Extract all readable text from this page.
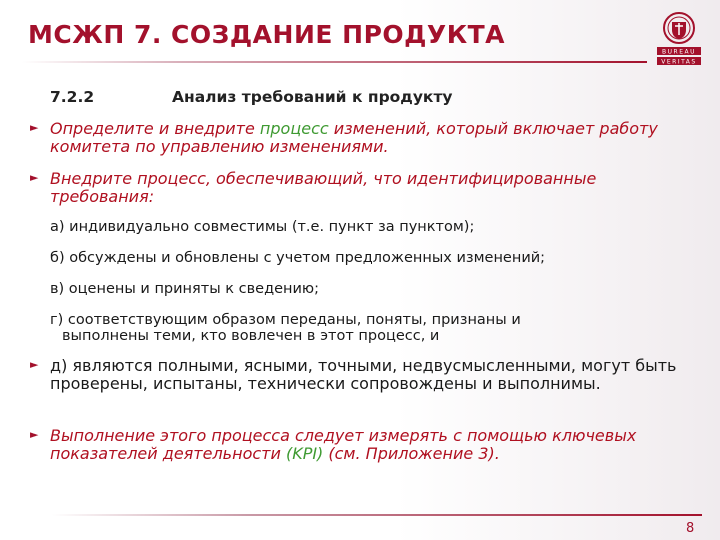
МСЖП 7. СОЗДАНИЕ ПРОДУКТА
BUREAU
VERITAS
7.2.2	Анализ требований к продукту
► Определите и внедрите процесс изменений, который включает работу комитета по управлению изменениями.
► Внедрите процесс, обеспечивающий, что идентифицированные требования:
а) индивидуально совместимы (т.е. пункт за пунктом);
б) обсуждены и обновлены с учетом предложенных изменений;
в) оценены и приняты к сведению;
г) соответствующим образом переданы, поняты, признаны и
выполнены теми, кто вовлечен в этот процесс, и
► д) являются полными, ясными, точными, недвусмысленными, могут быть проверены, испытаны, технически сопровождены и выполнимы.
► Выполнение этого процесса следует измерять с помощью ключевых показателей деятельности (KPI) (см. Приложение 3).
8
